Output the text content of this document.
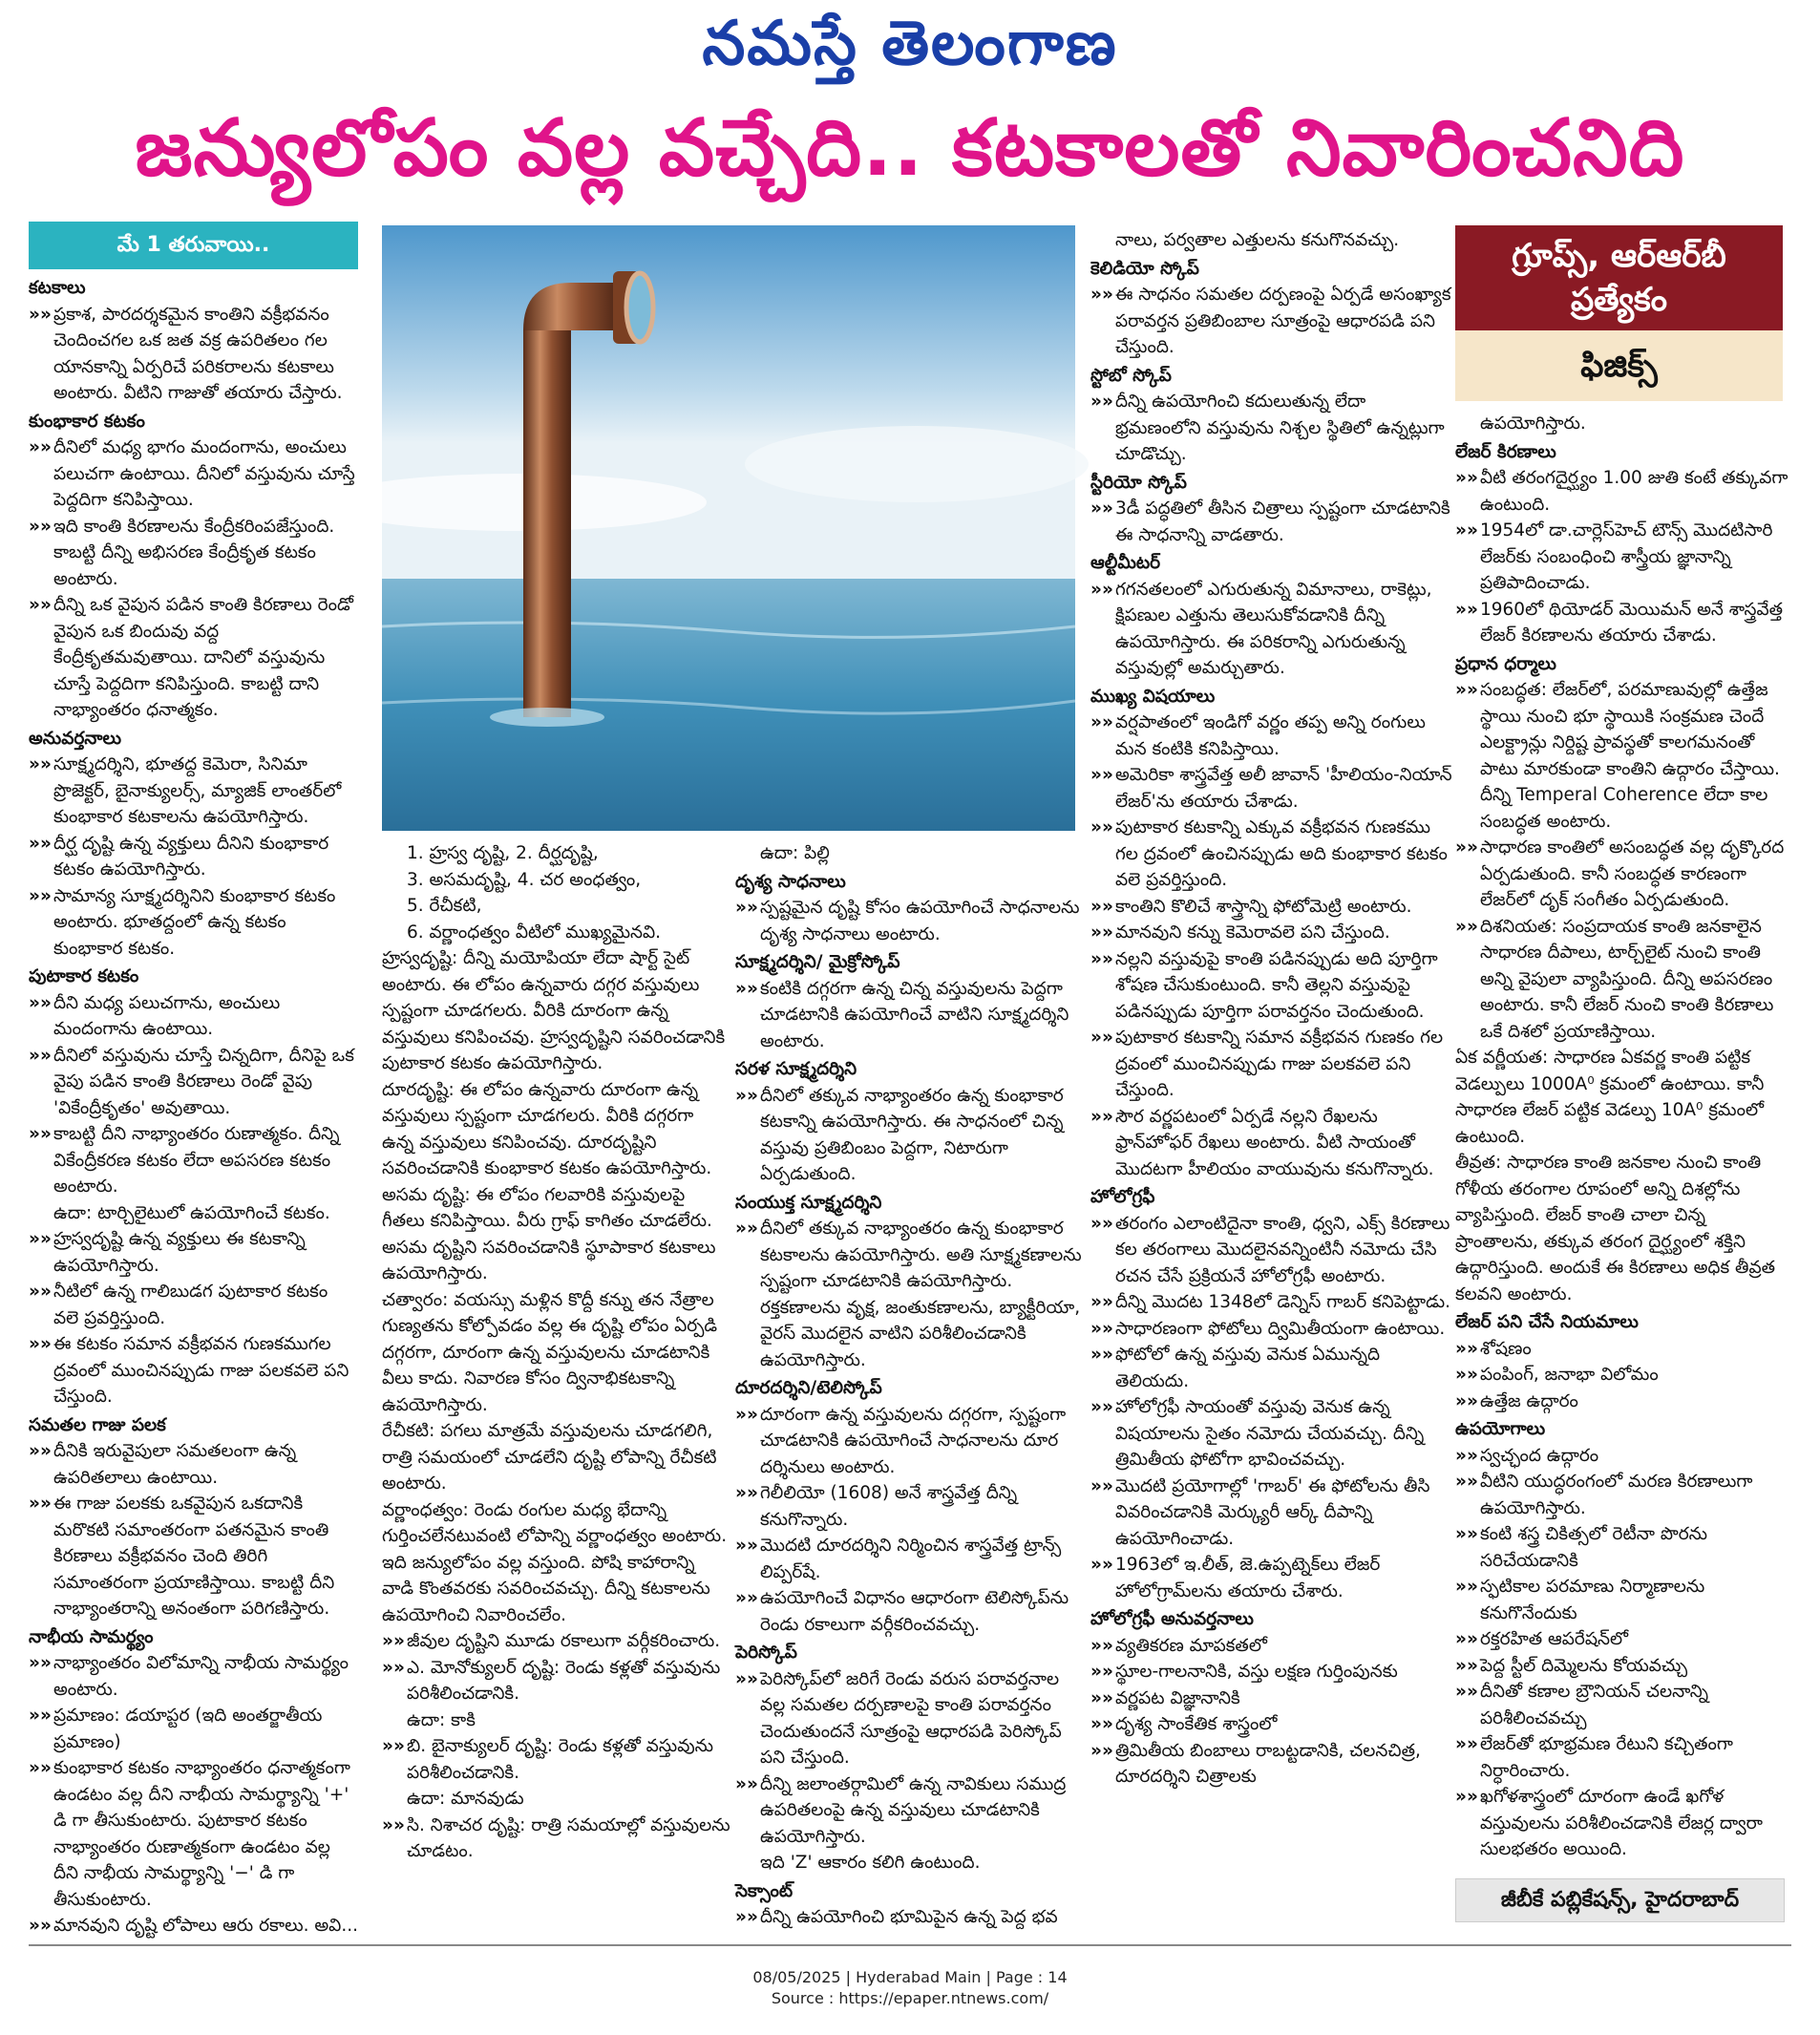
నమస్తే తెలంగాణ
జన్యులోపం వల్ల వచ్చేది.. కటకాలతో నివారించనిది
మే 1 తరువాయి..
కటకాలు
»» ప్రకాశ, పారదర్శకమైన కాంతిని వక్రీభవనం చెందించగల ఒక జత వక్ర ఉపరితలం గల యానకాన్ని ఏర్పరిచే పరికరాలను కటకాలు అంటారు. వీటిని గాజుతో తయారు చేస్తారు.
కుంభాకార కటకం
»» దీనిలో మధ్య భాగం మందంగాను, అంచులు పలుచగా ఉంటాయి. దీనిలో వస్తువును చూస్తే పెద్దదిగా కనిపిస్తాయి.
»» ఇది కాంతి కిరణాలను కేంద్రీకరింపజేస్తుంది. కాబట్టి దీన్ని అభిసరణ కేంద్రీకృత కటకం అంటారు.
»» దీన్ని ఒక వైపున పడిన కాంతి కిరణాలు రెండో వైపున ఒక బిందువు వద్ద కేంద్రీకృతమవుతాయి. దానిలో వస్తువును చూస్తే పెద్దదిగా కనిపిస్తుంది. కాబట్టి దాని నాభ్యాంతరం ధనాత్మకం.
అనువర్తనాలు
»» సూక్ష్మదర్శిని, భూతద్ద కెమెరా, సినిమా ప్రొజెక్టర్, బైనాక్యులర్స్, మ్యాజిక్ లాంతర్‌లో కుంభాకార కటకాలను ఉపయోగిస్తారు.
»» దీర్ఘ దృష్టి ఉన్న వ్యక్తులు దీనిని కుంభాకార కటకం ఉపయోగిస్తారు.
»» సామాన్య సూక్ష్మదర్శినిని కుంభాకార కటకం అంటారు. భూతద్దంలో ఉన్న కటకం కుంభాకార కటకం.
పుటాకార కటకం
»» దీని మధ్య పలుచగాను, అంచులు మందంగాను ఉంటాయి.
»» దీనిలో వస్తువును చూస్తే చిన్నదిగా, దీనిపై ఒక వైపు పడిన కాంతి కిరణాలు రెండో వైపు 'వికేంద్రీకృతం' అవుతాయి.
»» కాబట్టి దీని నాభ్యాంతరం రుణాత్మకం. దీన్ని వికేంద్రీకరణ కటకం లేదా అపసరణ కటకం అంటారు.
ఉదా: టార్చిలైటులో ఉపయోగించే కటకం.
»» హ్రస్వదృష్టి ఉన్న వ్యక్తులు ఈ కటకాన్ని ఉపయోగిస్తారు.
»» నీటిలో ఉన్న గాలిబుడగ పుటాకార కటకం వలె ప్రవర్తిస్తుంది.
»» ఈ కటకం సమాన వక్రీభవన గుణకముగల ద్రవంలో ముంచినప్పుడు గాజు పలకవలె పని చేస్తుంది.
సమతల గాజు పలక
»» దీనికి ఇరువైపులా సమతలంగా ఉన్న ఉపరితలాలు ఉంటాయి.
»» ఈ గాజు పలకకు ఒకవైపున ఒకదానికి మరొకటి సమాంతరంగా పతనమైన కాంతి కిరణాలు వక్రీభవనం చెంది తిరిగి సమాంతరంగా ప్రయాణిస్తాయి. కాబట్టి దీని నాభ్యాంతరాన్ని అనంతంగా పరిగణిస్తారు.
నాభీయ సామర్థ్యం
»» నాభ్యాంతరం విలోమాన్ని నాభీయ సామర్థ్యం అంటారు.
»» ప్రమాణం: డయాప్టర (ఇది అంతర్జాతీయ ప్రమాణం)
»» కుంభాకార కటకం నాభ్యాంతరం ధనాత్మకంగా ఉండటం వల్ల దీని నాభీయ సామర్థ్యాన్ని '+' డి గా తీసుకుంటారు. పుటాకార కటకం నాభ్యాంతరం రుణాత్మకంగా ఉండటం వల్ల దీని నాభీయ సామర్థ్యాన్ని '−' డి గా తీసుకుంటారు.
»» మానవుని దృష్టి లోపాలు ఆరు రకాలు. అవి...
1. హ్రస్వ దృష్టి, 2. దీర్ఘదృష్టి,
3. అసమదృష్టి, 4. చర అంధత్వం,
5. రేచీకటి,
6. వర్ణాంధత్వం వీటిలో ముఖ్యమైనవి.
హ్రస్వదృష్టి: దీన్ని మయోపియా లేదా షార్ట్ సైట్ అంటారు. ఈ లోపం ఉన్నవారు దగ్గర వస్తువులు స్పష్టంగా చూడగలరు. వీరికి దూరంగా ఉన్న వస్తువులు కనిపించవు. హ్రస్వదృష్టిని సవరించడానికి పుటాకార కటకం ఉపయోగిస్తారు.
దూరదృష్టి: ఈ లోపం ఉన్నవారు దూరంగా ఉన్న వస్తువులు స్పష్టంగా చూడగలరు. వీరికి దగ్గరగా ఉన్న వస్తువులు కనిపించవు. దూరదృష్టిని సవరించడానికి కుంభాకార కటకం ఉపయోగిస్తారు.
అసమ దృష్టి: ఈ లోపం గలవారికి వస్తువులపై గీతలు కనిపిస్తాయి. వీరు గ్రాఫ్ కాగితం చూడలేరు. అసమ దృష్టిని సవరించడానికి స్థూపాకార కటకాలు ఉపయోగిస్తారు.
చత్వారం: వయస్సు మళ్లిన కొద్దీ కన్ను తన నేత్రాల గుణ్యతను కోల్పోవడం వల్ల ఈ దృష్టి లోపం ఏర్పడి దగ్గరగా, దూరంగా ఉన్న వస్తువులను చూడటానికి వీలు కాదు. నివారణ కోసం ద్వినాభికటకాన్ని ఉపయోగిస్తారు.
రేచీకటి: పగలు మాత్రమే వస్తువులను చూడగలిగి, రాత్రి సమయంలో చూడలేని దృష్టి లోపాన్ని రేచీకటి అంటారు.
వర్ణాంధత్వం: రెండు రంగుల మధ్య భేదాన్ని గుర్తించలేనటువంటి లోపాన్ని వర్ణాంధత్వం అంటారు. ఇది జన్యులోపం వల్ల వస్తుంది. పోషి కాహారాన్ని వాడి కొంతవరకు సవరించవచ్చు. దీన్ని కటకాలను ఉపయోగించి నివారించలేం.
»» జీవుల దృష్టిని మూడు రకాలుగా వర్గీకరించారు.
»» ఎ. మోనోక్యులర్ దృష్టి: రెండు కళ్లతో వస్తువును పరిశీలించడానికి.
ఉదా: కాకి
»» బి. బైనాక్యులర్ దృష్టి: రెండు కళ్లతో వస్తువును పరిశీలించడానికి.
ఉదా: మానవుడు
»» సి. నిశాచర దృష్టి: రాత్రి సమయాల్లో వస్తువులను చూడటం.
ఉదా: పిల్లి
దృశ్య సాధనాలు
»» స్పష్టమైన దృష్టి కోసం ఉపయోగించే సాధనాలను దృశ్య సాధనాలు అంటారు.
సూక్ష్మదర్శిని/ మైక్రోస్కోప్
»» కంటికి దగ్గరగా ఉన్న చిన్న వస్తువులను పెద్దగా చూడటానికి ఉపయోగించే వాటిని సూక్ష్మదర్శిని అంటారు.
సరళ సూక్ష్మదర్శిని
»» దీనిలో తక్కువ నాభ్యాంతరం ఉన్న కుంభాకార కటకాన్ని ఉపయోగిస్తారు. ఈ సాధనంలో చిన్న వస్తువు ప్రతిబింబం పెద్దగా, నిటారుగా ఏర్పడుతుంది.
సంయుక్త సూక్ష్మదర్శిని
»» దీనిలో తక్కువ నాభ్యాంతరం ఉన్న కుంభాకార కటకాలను ఉపయోగిస్తారు. అతి సూక్ష్మకణాలను స్పష్టంగా చూడటానికి ఉపయోగిస్తారు. రక్తకణాలను వృక్ష, జంతుకణాలను, బ్యాక్టీరియా, వైరస్ మొదలైన వాటిని పరిశీలించడానికి ఉపయోగిస్తారు.
దూరదర్శిని/టెలిస్కోప్
»» దూరంగా ఉన్న వస్తువులను దగ్గరగా, స్పష్టంగా చూడటానికి ఉపయోగించే సాధనాలను దూర దర్శినులు అంటారు.
»» గెలీలియో (1608) అనే శాస్త్రవేత్త దీన్ని కనుగొన్నారు.
»» మొదటి దూరదర్శిని నిర్మించిన శాస్త్రవేత్త ట్రాన్స్ లిప్పర్‌షే.
»» ఉపయోగించే విధానం ఆధారంగా టెలిస్కోప్‌ను రెండు రకాలుగా వర్గీకరించవచ్చు.
పెరిస్కోప్
»» పెరిస్కోప్‌లో జరిగే రెండు వరుస పరావర్తనాల వల్ల సమతల దర్పణాలపై కాంతి పరావర్తనం చెందుతుందనే సూత్రంపై ఆధారపడి పెరిస్కోప్ పని చేస్తుంది.
»» దీన్ని జలాంతర్గామిలో ఉన్న నావికులు సముద్ర ఉపరితలంపై ఉన్న వస్తువులు చూడటానికి ఉపయోగిస్తారు.
ఇది 'Z' ఆకారం కలిగి ఉంటుంది.
సెక్సాంట్
»» దీన్ని ఉపయోగించి భూమిపైన ఉన్న పెద్ద భవ
నాలు, పర్వతాల ఎత్తులను కనుగొనవచ్చు.
కెలిడియో స్కోప్
»» ఈ సాధనం సమతల దర్పణంపై ఏర్పడే అసంఖ్యాక పరావర్తన ప్రతిబింబాల సూత్రంపై ఆధారపడి పని చేస్తుంది.
స్టోబో స్కోప్
»» దీన్ని ఉపయోగించి కదులుతున్న లేదా భ్రమణంలోని వస్తువును నిశ్చల స్థితిలో ఉన్నట్లుగా చూడొచ్చు.
స్టీరియో స్కోప్
»» 3డీ పద్ధతిలో తీసిన చిత్రాలు స్పష్టంగా చూడటానికి ఈ సాధనాన్ని వాడతారు.
ఆల్టీమీటర్
»» గగనతలంలో ఎగురుతున్న విమానాలు, రాకెట్లు, క్షిపణుల ఎత్తును తెలుసుకోవడానికి దీన్ని ఉపయోగిస్తారు. ఈ పరికరాన్ని ఎగురుతున్న వస్తువుల్లో అమర్చుతారు.
ముఖ్య విషయాలు
»» వర్షపాతంలో ఇండిగో వర్ణం తప్ప అన్ని రంగులు మన కంటికి కనిపిస్తాయి.
»» అమెరికా శాస్త్రవేత్త అలీ జావాన్ 'హీలియం-నియాన్ లేజర్'ను తయారు చేశాడు.
»» పుటాకార కటకాన్ని ఎక్కువ వక్రీభవన గుణకము గల ద్రవంలో ఉంచినప్పుడు అది కుంభాకార కటకం వలె ప్రవర్తిస్తుంది.
»» కాంతిని కొలిచే శాస్త్రాన్ని ఫోటోమెట్రి అంటారు.
»» మానవుని కన్ను కెమెరావలె పని చేస్తుంది.
»» నల్లని వస్తువుపై కాంతి పడినప్పుడు అది పూర్తిగా శోషణ చేసుకుంటుంది. కానీ తెల్లని వస్తువుపై పడినప్పుడు పూర్తిగా పరావర్తనం చెందుతుంది.
»» పుటాకార కటకాన్ని సమాన వక్రీభవన గుణకం గల ద్రవంలో ముంచినప్పుడు గాజు పలకవలె పని చేస్తుంది.
»» సౌర వర్ణపటంలో ఏర్పడే నల్లని రేఖలను ఫ్రాన్‌హోఫర్ రేఖలు అంటారు. వీటి సాయంతో మొదటగా హీలియం వాయువును కనుగొన్నారు.
హోలోగ్రఫీ
»» తరంగం ఎలాంటిదైనా కాంతి, ధ్వని, ఎక్స్ కిరణాలు కల తరంగాలు మొదలైనవన్నింటినీ నమోదు చేసి రచన చేసే ప్రక్రియనే హోలోగ్రఫీ అంటారు.
»» దీన్ని మొదట 1348లో డెన్నిస్ గాబర్ కనిపెట్టాడు.
»» సాధారణంగా ఫోటోలు ద్విమితీయంగా ఉంటాయి.
»» ఫోటోలో ఉన్న వస్తువు వెనుక ఏమున్నది తెలియదు.
»» హోలోగ్రఫీ సాయంతో వస్తువు వెనుక ఉన్న విషయాలను సైతం నమోదు చేయవచ్చు. దీన్ని త్రిమితీయ ఫోటోగా భావించవచ్చు.
»» మొదటి ప్రయోగాల్లో 'గాబర్' ఈ ఫోటోలను తీసి వివరించడానికి మెర్క్యురీ ఆర్క్ దీపాన్ని ఉపయోగించాడు.
»» 1963లో ఇ.లీత్, జె.ఉప్పట్నెక్‌లు లేజర్ హోలోగ్రామ్‌లను తయారు చేశారు.
హోలోగ్రఫీ అనువర్తనాలు
»» వ్యతికరణ మాపకతలో
»» స్థూల-గాలనానికి, వస్తు లక్షణ గుర్తింపునకు
»» వర్ణపట విజ్ఞానానికి
»» దృశ్య సాంకేతిక శాస్త్రంలో
»» త్రిమితీయ బింబాలు రాబట్టడానికి, చలనచిత్ర, దూరదర్శిని చిత్రాలకు
గ్రూప్స్, ఆర్ఆర్‌బీ ప్రత్యేకం
ఫిజిక్స్
ఉపయోగిస్తారు.
లేజర్ కిరణాలు
»» వీటి తరంగదైర్ఘ్యం 1.00 జుతి కంటే తక్కువగా ఉంటుంది.
»» 1954లో డా.చార్లెస్‌హెచ్ టౌన్స్ మొదటిసారి లేజర్‌కు సంబంధించి శాస్త్రీయ జ్ఞానాన్ని ప్రతిపాదించాడు.
»» 1960లో థియోడర్ మెయిమన్ అనే శాస్త్రవేత్త లేజర్ కిరణాలను తయారు చేశాడు.
ప్రధాన ధర్మాలు
»» సంబద్ధత: లేజర్‌లో, పరమాణువుల్లో ఉత్తేజ స్థాయి నుంచి భూ స్థాయికి సంక్రమణ చెందే ఎలక్ట్రాన్లు నిర్దిష్ట ప్రావస్థతో కాలగమనంతో పాటు మారకుండా కాంతిని ఉద్గారం చేస్తాయి. దీన్ని Temperal Coherence లేదా కాల సంబద్ధత అంటారు.
»» సాధారణ కాంతిలో అసంబద్ధత వల్ల దృక్కొరద ఏర్పడుతుంది. కానీ సంబద్ధత కారణంగా లేజర్‌లో దృక్ సంగీతం ఏర్పడుతుంది.
»» దిశనియత: సంప్రదాయక కాంతి జనకాలైన సాధారణ దీపాలు, టార్చ్‌లైట్ నుంచి కాంతి అన్ని వైపులా వ్యాపిస్తుంది. దీన్ని అపసరణం అంటారు. కానీ లేజర్ నుంచి కాంతి కిరణాలు ఒకే దిశలో ప్రయాణిస్తాయి.
ఏక వర్ణీయత: సాధారణ ఏకవర్ణ కాంతి పట్టిక వెడల్పులు 1000A⁰ క్రమంలో ఉంటాయి. కానీ సాధారణ లేజర్ పట్టిక వెడల్పు 10A⁰ క్రమంలో ఉంటుంది.
తీవ్రత: సాధారణ కాంతి జనకాల నుంచి కాంతి గోళీయ తరంగాల రూపంలో అన్ని దిశల్లోను వ్యాపిస్తుంది. లేజర్ కాంతి చాలా చిన్న ప్రాంతాలను, తక్కువ తరంగ దైర్ఘ్యంలో శక్తిని ఉద్గారిస్తుంది. అందుకే ఈ కిరణాలు అధిక తీవ్రత కలవని అంటారు.
లేజర్ పని చేసే నియమాలు
»» శోషణం
»» పంపింగ్, జనాభా విలోమం
»» ఉత్తేజ ఉద్గారం
ఉపయోగాలు
»» స్వచ్ఛంద ఉద్గారం
»» వీటిని యుద్ధరంగంలో మరణ కిరణాలుగా ఉపయోగిస్తారు.
»» కంటి శస్త్ర చికిత్సలో రెటీనా పొరను సరిచేయడానికి
»» స్ఫటికాల పరమాణు నిర్మాణాలను కనుగొనేందుకు
»» రక్తరహిత ఆపరేషన్‌లో
»» పెద్ద స్టీల్ దిమ్మెలను కోయవచ్చు
»» దీనితో కణాల బ్రౌనియన్ చలనాన్ని పరిశీలించవచ్చు
»» లేజర్‌తో భూభ్రమణ రేటుని కచ్చితంగా నిర్ధారించారు.
»» ఖగోళశాస్త్రంలో దూరంగా ఉండే ఖగోళ వస్తువులను పరిశీలించడానికి లేజర్ల ద్వారా సులభతరం అయింది.
జీబీకే పబ్లికేషన్స్, హైదరాబాద్
08/05/2025 | Hyderabad Main | Page : 14
Source : https://epaper.ntnews.com/
